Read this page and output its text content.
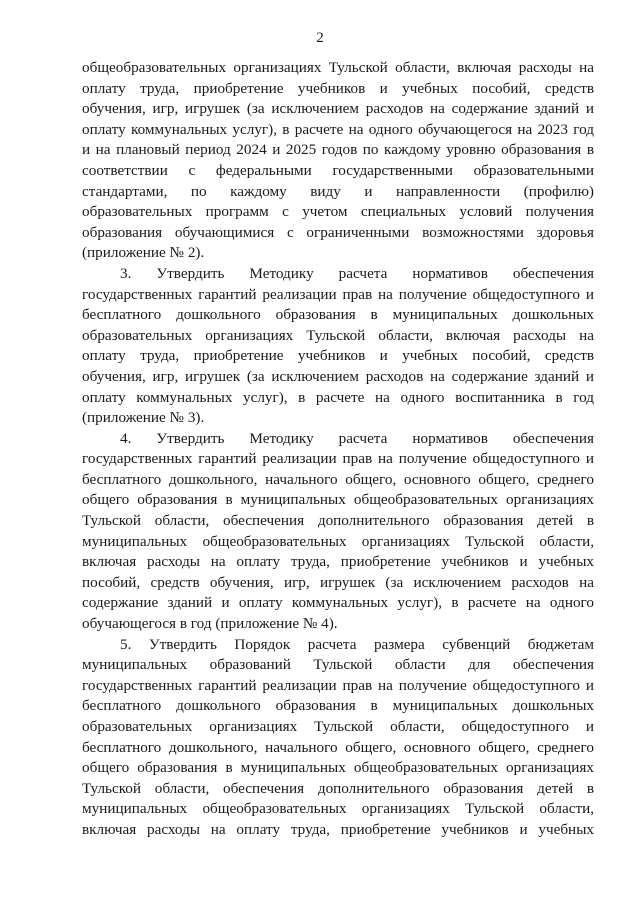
2
общеобразовательных организациях Тульской области, включая расходы на
оплату труда, приобретение учебников и учебных пособий, средств
обучения, игр, игрушек (за исключением расходов на содержание зданий и
оплату коммунальных услуг), в расчете на одного обучающегося на 2023 год
и на плановый период 2024 и 2025 годов по каждому уровню образования в
соответствии с федеральными государственными образовательными
стандартами, по каждому виду и направленности (профилю)
образовательных программ с учетом специальных условий получения
образования обучающимися с ограниченными возможностями здоровья
(приложение № 2).
3. Утвердить Методику расчета нормативов обеспечения
государственных гарантий реализации прав на получение общедоступного и
бесплатного дошкольного образования в муниципальных дошкольных
образовательных организациях Тульской области, включая расходы на
оплату труда, приобретение учебников и учебных пособий, средств
обучения, игр, игрушек (за исключением расходов на содержание зданий и
оплату коммунальных услуг), в расчете на одного воспитанника в год
(приложение № 3).
4. Утвердить Методику расчета нормативов обеспечения
государственных гарантий реализации прав на получение общедоступного и
бесплатного дошкольного, начального общего, основного общего, среднего
общего образования в муниципальных общеобразовательных организациях
Тульской области, обеспечения дополнительного образования детей в
муниципальных общеобразовательных организациях Тульской области,
включая расходы на оплату труда, приобретение учебников и учебных
пособий, средств обучения, игр, игрушек (за исключением расходов на
содержание зданий и оплату коммунальных услуг), в расчете на одного
обучающегося в год (приложение № 4).
5. Утвердить Порядок расчета размера субвенций бюджетам
муниципальных образований Тульской области для обеспечения
государственных гарантий реализации прав на получение общедоступного и
бесплатного дошкольного образования в муниципальных дошкольных
образовательных организациях Тульской области, общедоступного и
бесплатного дошкольного, начального общего, основного общего, среднего
общего образования в муниципальных общеобразовательных организациях
Тульской области, обеспечения дополнительного образования детей в
муниципальных общеобразовательных организациях Тульской области,
включая расходы на оплату труда, приобретение учебников и учебных
